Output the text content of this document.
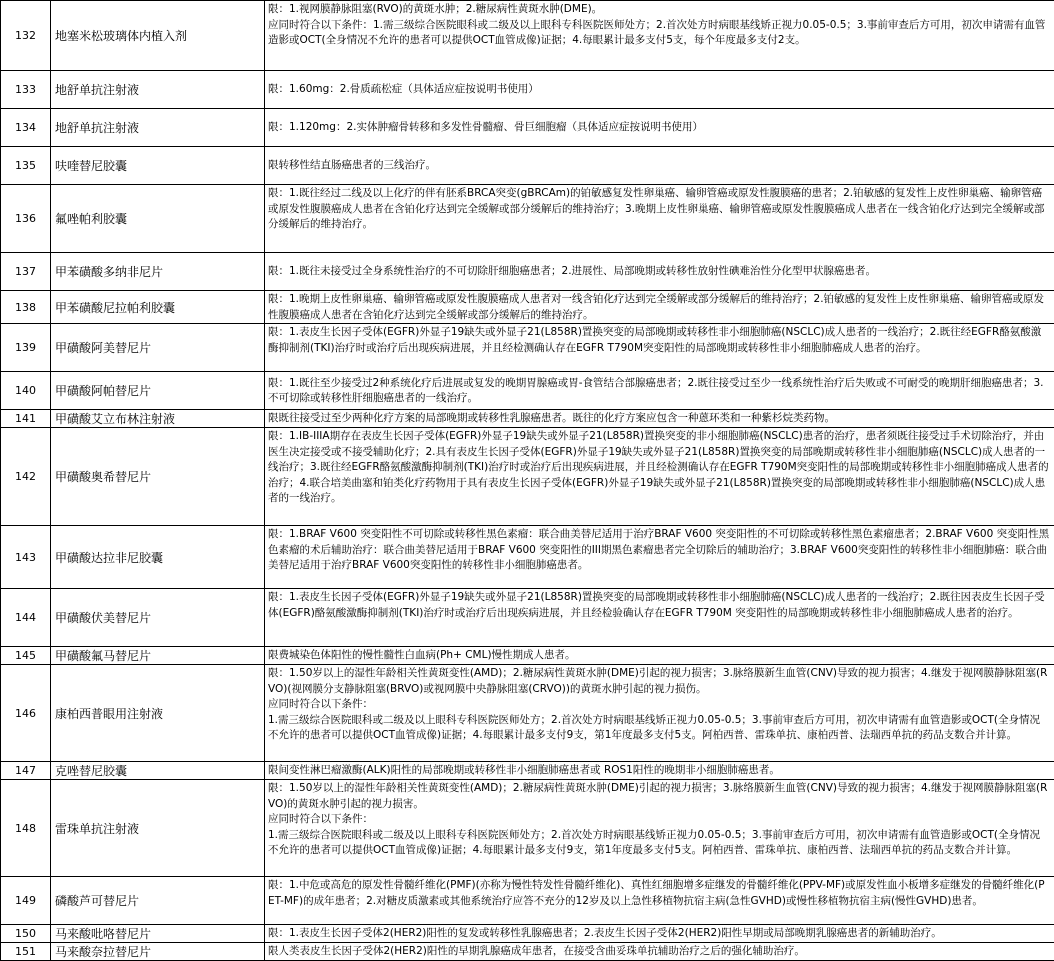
132	地塞米松玻璃体内植入剂	限：1.视网膜静脉阻塞(RVO)的黄斑水肿；2.糖尿病性黄斑水肿(DME)。
应同时符合以下条件：1.需三级综合医院眼科或二级及以上眼科专科医院医师处方；2.首次处方时病眼基线矫正视力0.05-0.5；3.事前审查后方可用，初次申请需有血管造影或OCT(全身情况不允许的患者可以提供OCT血管成像)证据；4.每眼累计最多支付5支，每个年度最多支付2支。
133	地舒单抗注射液	限：1.60mg：2.骨质疏松症（具体适应症按说明书使用）
134	地舒单抗注射液	限：1.120mg：2.实体肿瘤骨转移和多发性骨髓瘤、骨巨细胞瘤（具体适应症按说明书使用）
135	呋喹替尼胶囊	限转移性结直肠癌患者的三线治疗。
136	氟唑帕利胶囊	限：1.既往经过二线及以上化疗的伴有胚系BRCA突变(gBRCAm)的铂敏感复发性卵巢癌、输卵管癌或原发性腹膜癌的患者；2.铂敏感的复发性上皮性卵巢癌、输卵管癌或原发性腹膜癌成人患者在含铂化疗达到完全缓解或部分缓解后的维持治疗；3.晚期上皮性卵巢癌、输卵管癌或原发性腹膜癌成人患者在一线含铂化疗达到完全缓解或部分缓解后的维持治疗。
137	甲苯磺酸多纳非尼片	限：1.既往未接受过全身系统性治疗的不可切除肝细胞癌患者；2.进展性、局部晚期或转移性放射性碘难治性分化型甲状腺癌患者。
138	甲苯磺酸尼拉帕利胶囊	限：1.晚期上皮性卵巢癌、输卵管癌或原发性腹膜癌成人患者对一线含铂化疗达到完全缓解或部分缓解后的维持治疗；2.铂敏感的复发性上皮性卵巢癌、输卵管癌或原发性腹膜癌成人患者在含铂化疗达到完全缓解或部分缓解后的维持治疗。
139	甲磺酸阿美替尼片	限：1.表皮生长因子受体(EGFR)外显子19缺失或外显子21(L858R)置换突变的局部晚期或转移性非小细胞肺癌(NSCLC)成人患者的一线治疗；2.既往经EGFR酪氨酸激酶抑制剂(TKI)治疗时或治疗后出现疾病进展，并且经检测确认存在EGFR T790M突变阳性的局部晚期或转移性非小细胞肺癌成人患者的治疗。
140	甲磺酸阿帕替尼片	限：1.既往至少接受过2种系统化疗后进展或复发的晚期胃腺癌或胃-食管结合部腺癌患者；2.既往接受过至少一线系统性治疗后失败或不可耐受的晚期肝细胞癌患者；3.不可切除或转移性肝细胞癌患者的一线治疗。
141	甲磺酸艾立布林注射液	限既往接受过至少两种化疗方案的局部晚期或转移性乳腺癌患者。既往的化疗方案应包含一种蒽环类和一种紫杉烷类药物。
142	甲磺酸奥希替尼片	限：1.IB-IIIA期存在表皮生长因子受体(EGFR)外显子19缺失或外显子21(L858R)置换突变的非小细胞肺癌(NSCLC)患者的治疗，患者须既往接受过手术切除治疗，并由医生决定接受或不接受辅助化疗；2.具有表皮生长因子受体(EGFR)外显子19缺失或外显子21(L858R)置换突变的局部晚期或转移性非小细胞肺癌(NSCLC)成人患者的一线治疗；3.既往经EGFR酪氨酸激酶抑制剂(TKI)治疗时或治疗后出现疾病进展，并且经检测确认存在EGFR T790M突变阳性的局部晚期或转移性非小细胞肺癌成人患者的治疗；4.联合培美曲塞和铂类化疗药物用于具有表皮生长因子受体(EGFR)外显子19缺失或外显子21(L858R)置换突变的局部晚期或转移性非小细胞肺癌(NSCLC)成人患者的一线治疗。
143	甲磺酸达拉非尼胶囊	限：1.BRAF V600 突变阳性不可切除或转移性黑色素瘤：联合曲美替尼适用于治疗BRAF V600 突变阳性的不可切除或转移性黑色素瘤患者；2.BRAF V600 突变阳性黑色素瘤的术后辅助治疗：联合曲美替尼适用于BRAF V600 突变阳性的III期黑色素瘤患者完全切除后的辅助治疗；3.BRAF V600突变阳性的转移性非小细胞肺癌：联合曲美替尼适用于治疗BRAF V600突变阳性的转移性非小细胞肺癌患者。
144	甲磺酸伏美替尼片	限：1.表皮生长因子受体(EGFR)外显子19缺失或外显子21(L858R)置换突变的局部晚期或转移性非小细胞肺癌(NSCLC)成人患者的一线治疗；2.既往因表皮生长因子受体(EGFR)酪氨酸激酶抑制剂(TKI)治疗时或治疗后出现疾病进展，并且经检验确认存在EGFR T790M 突变阳性的局部晚期或转移性非小细胞肺癌成人患者的治疗。
145	甲磺酸氟马替尼片	限费城染色体阳性的慢性髓性白血病(Ph+ CML)慢性期成人患者。
146	康柏西普眼用注射液	限：1.50岁以上的湿性年龄相关性黄斑变性(AMD)；2.糖尿病性黄斑水肿(DME)引起的视力损害；3.脉络膜新生血管(CNV)导致的视力损害；4.继发于视网膜静脉阻塞(RVO)(视网膜分支静脉阻塞(BRVO)或视网膜中央静脉阻塞(CRVO))的黄斑水肿引起的视力损伤。
应同时符合以下条件：
1.需三级综合医院眼科或二级及以上眼科专科医院医师处方；2.首次处方时病眼基线矫正视力0.05-0.5；3.事前审查后方可用，初次申请需有血管造影或OCT(全身情况不允许的患者可以提供OCT血管成像)证据；4.每眼累计最多支付9支，第1年度最多支付5支。阿柏西普、雷珠单抗、康柏西普、法瑞西单抗的药品支数合并计算。
147	克唑替尼胶囊	限间变性淋巴瘤激酶(ALK)阳性的局部晚期或转移性非小细胞肺癌患者或 ROS1阳性的晚期非小细胞肺癌患者。
148	雷珠单抗注射液	限：1.50岁以上的湿性年龄相关性黄斑变性(AMD)；2.糖尿病性黄斑水肿(DME)引起的视力损害；3.脉络膜新生血管(CNV)导致的视力损害；4.继发于视网膜静脉阻塞(RVO)的黄斑水肿引起的视力损害。
应同时符合以下条件：
1.需三级综合医院眼科或二级及以上眼科专科医院医师处方；2.首次处方时病眼基线矫正视力0.05-0.5；3.事前审查后方可用，初次申请需有血管造影或OCT(全身情况不允许的患者可以提供OCT血管成像)证据；4.每眼累计最多支付9支，第1年度最多支付5支。阿柏西普、雷珠单抗、康柏西普、法瑞西单抗的药品支数合并计算。
149	磷酸芦可替尼片	限：1.中危或高危的原发性骨髓纤维化(PMF)(亦称为慢性特发性骨髓纤维化)、真性红细胞增多症继发的骨髓纤维化(PPV-MF)或原发性血小板增多症继发的骨髓纤维化(PET-MF)的成年患者；2.对糖皮质激素或其他系统治疗应答不充分的12岁及以上急性移植物抗宿主病(急性GVHD)或慢性移植物抗宿主病(慢性GVHD)患者。
150	马来酸吡咯替尼片	限：1.表皮生长因子受体2(HER2)阳性的复发或转移性乳腺癌患者；2.表皮生长因子受体2(HER2)阳性早期或局部晚期乳腺癌患者的新辅助治疗。
151	马来酸奈拉替尼片	限人类表皮生长因子受体2(HER2)阳性的早期乳腺癌成年患者，在接受含曲妥珠单抗辅助治疗之后的强化辅助治疗。
